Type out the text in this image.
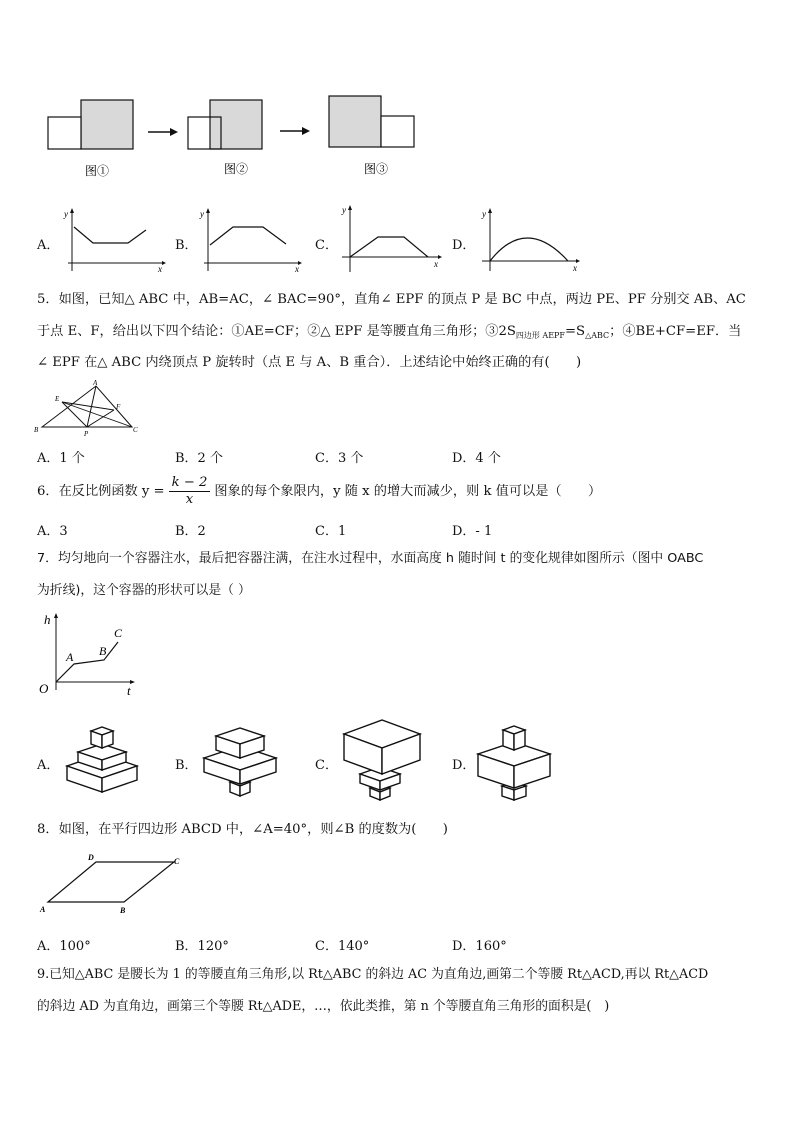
图①	图②	图③
A．
y
x
B．
y
x
C．
y
x
D．
y
x
5．如图，已知△ ABC 中，AB=AC，∠ BAC=90°，直角∠ EPF 的顶点 P 是 BC 中点，两边 PE、PF 分别交 AB、AC
于点 E、F，给出以下四个结论：①AE=CF；②△ EPF 是等腰直角三角形；$③2S_{四边形 AEPF}=S_{\triangle ABC}$；④BE+CF=EF．当
∠ EPF 在△ ABC 内绕顶点 P 旋转时（点 E 与 A、B 重合）．上述结论中始终正确的有(　　)
A
E
F
B	P	C
A．1 个	B．2 个	C．3 个	D．4 个
6．在反比例函数 $y = \frac{k - 2}{x}$ 图象的每个象限内，y 随 x 的增大而减少，则 k 值可以是（　　）
A．3	B．2	C．1	D．- 1
7．均匀地向一个容器注水，最后把容器注满，在注水过程中，水面高度 h 随时间 t 的变化规律如图所示（图中 OABC
为折线)，这个容器的形状可以是（ ）
h
t
O
A B
C
A．	B．	C．	D．
8．如图，在平行四边形 ABCD 中，∠A=40°，则∠B 的度数为(　　)
D	C
A	B
A．100°	B．120°	C．140°	D．160°
9.已知△ABC 是腰长为 1 的等腰直角三角形,以 Rt△ABC 的斜边 AC 为直角边,画第二个等腰 Rt△ACD,再以 Rt△ACD
的斜边 AD 为直角边，画第三个等腰 Rt△ADE，…，依此类推，第 n 个等腰直角三角形的面积是(　)
